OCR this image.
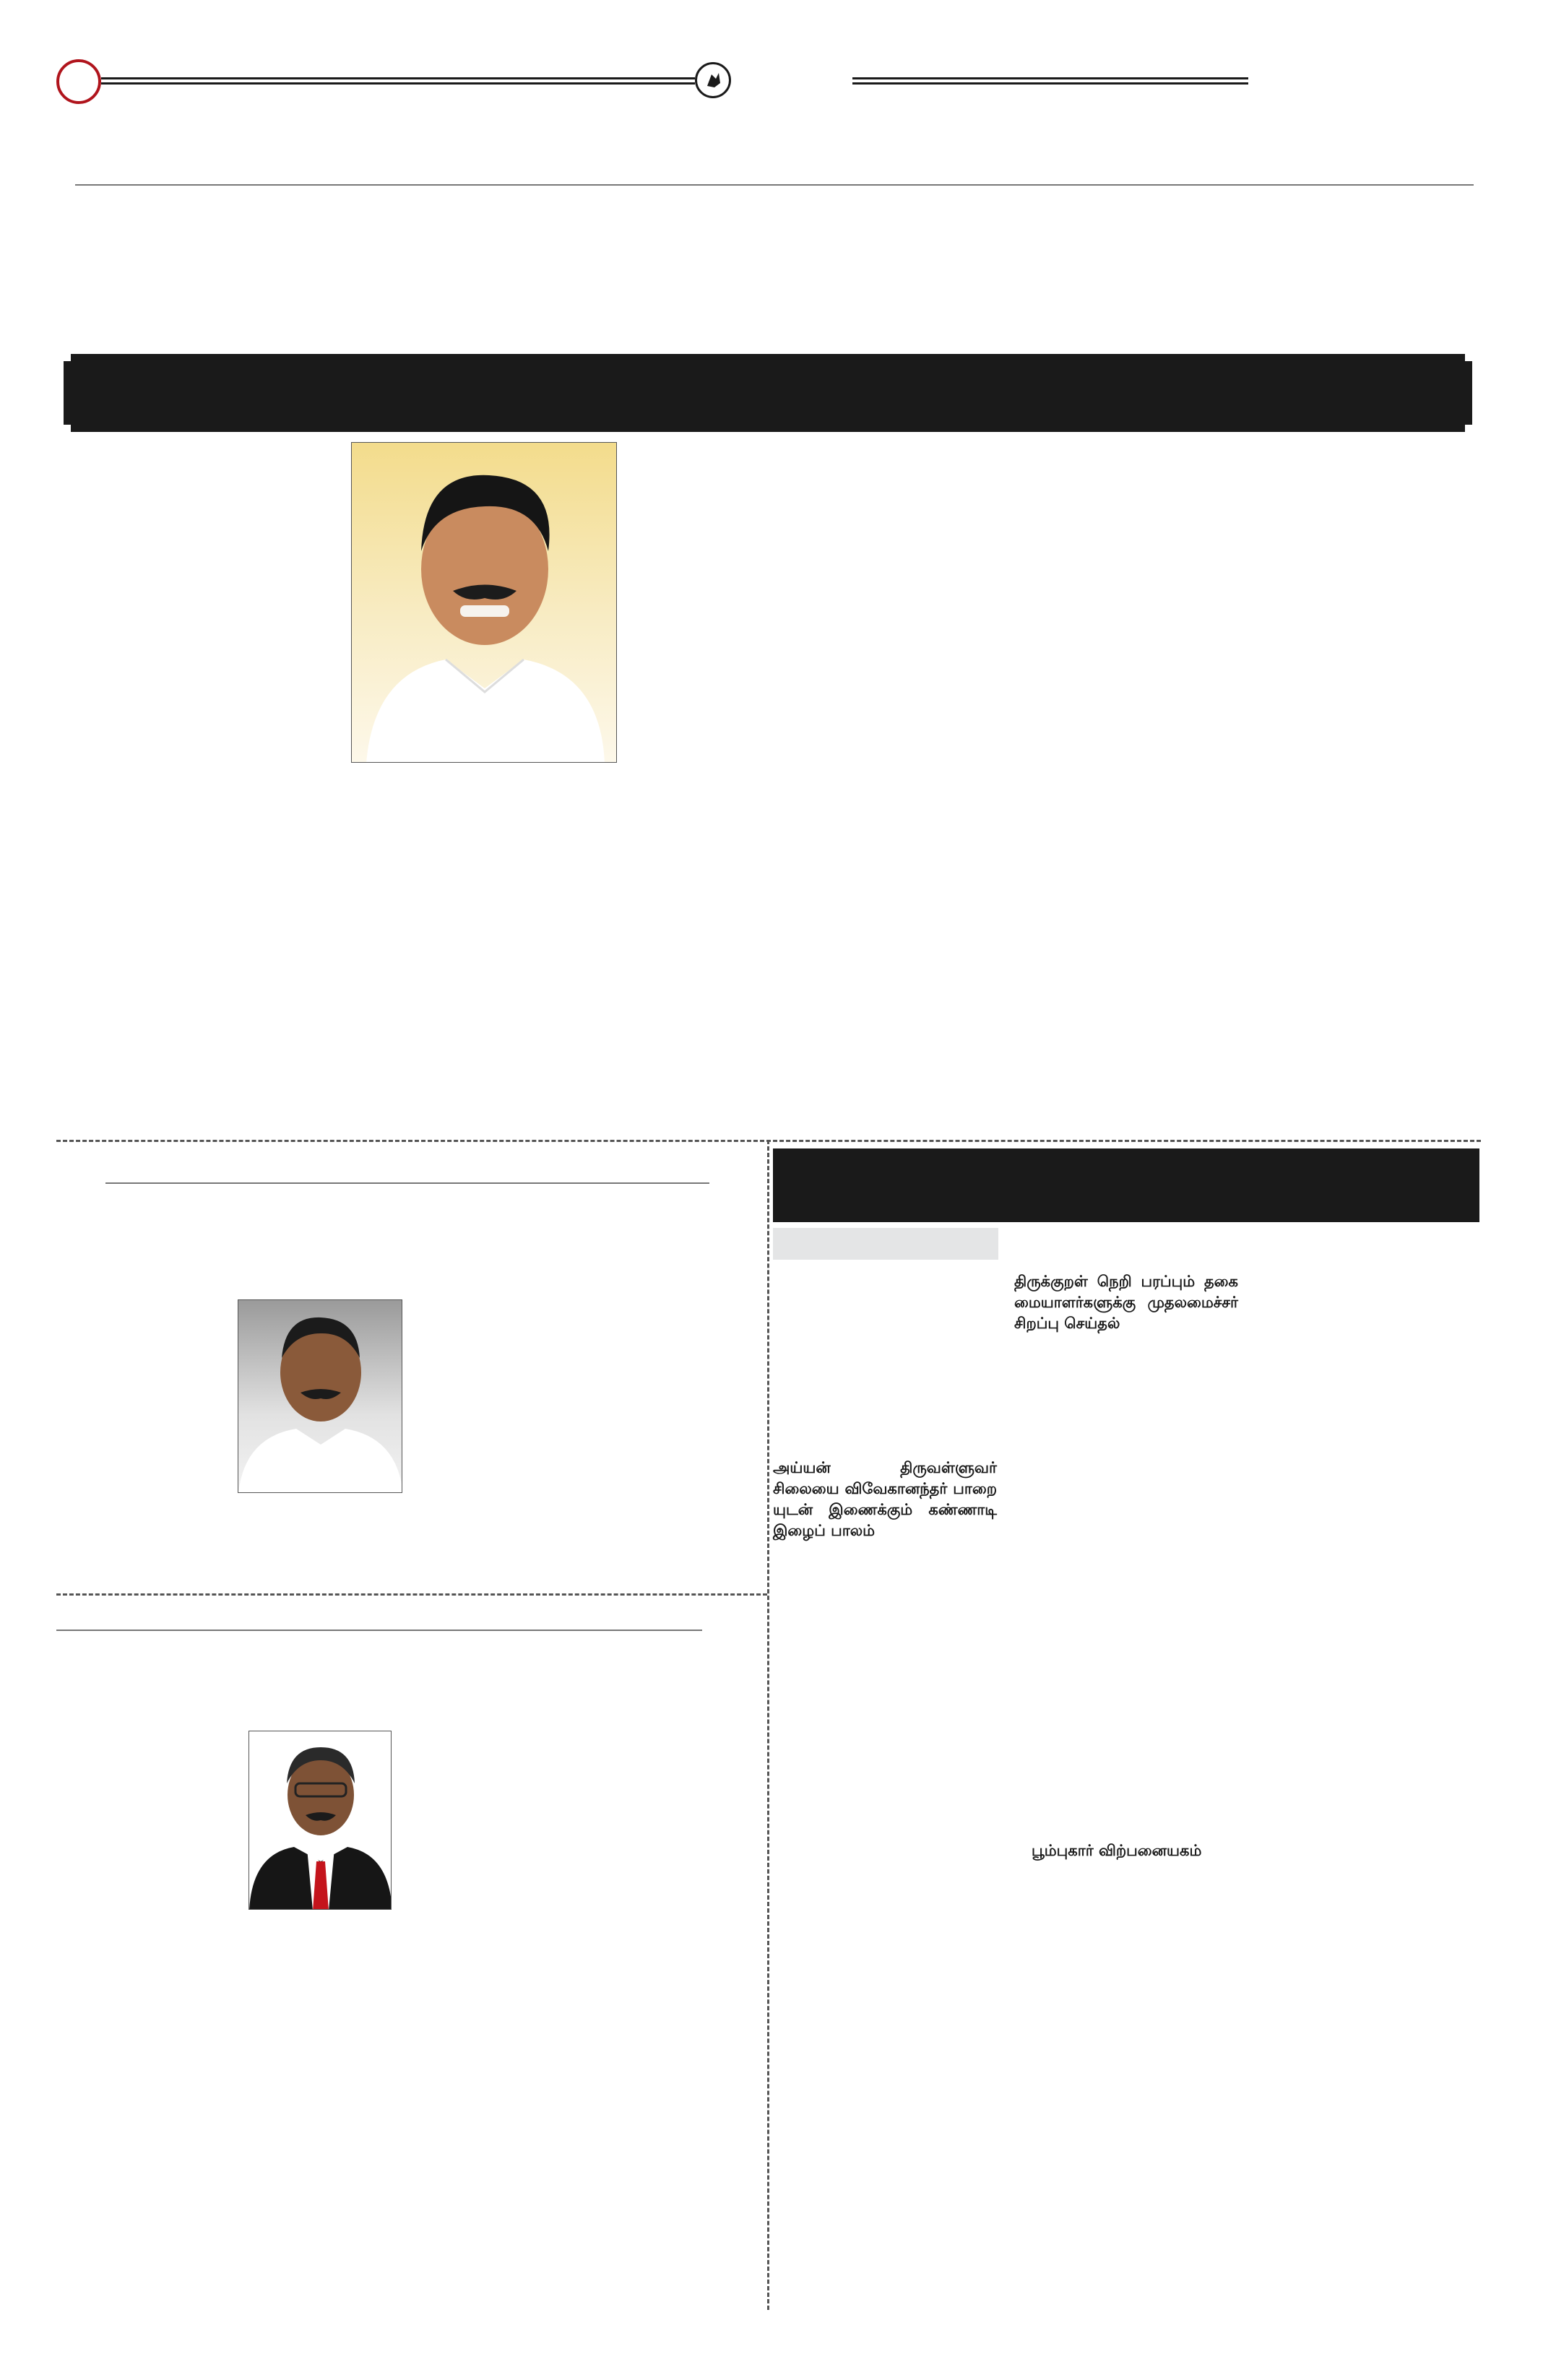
திருக்குறள் நெறி பரப்பும் தகை மையாளர்களுக்கு முதலமைச்சர் சிறப்பு செய்தல்
அய்யன் திருவள்ளுவர் சிலையை விவேகானந்தர் பாறை யுடன் இணைக்கும் கண்ணாடி இழைப் பாலம்
பூம்புகார் விற்பனையகம்
